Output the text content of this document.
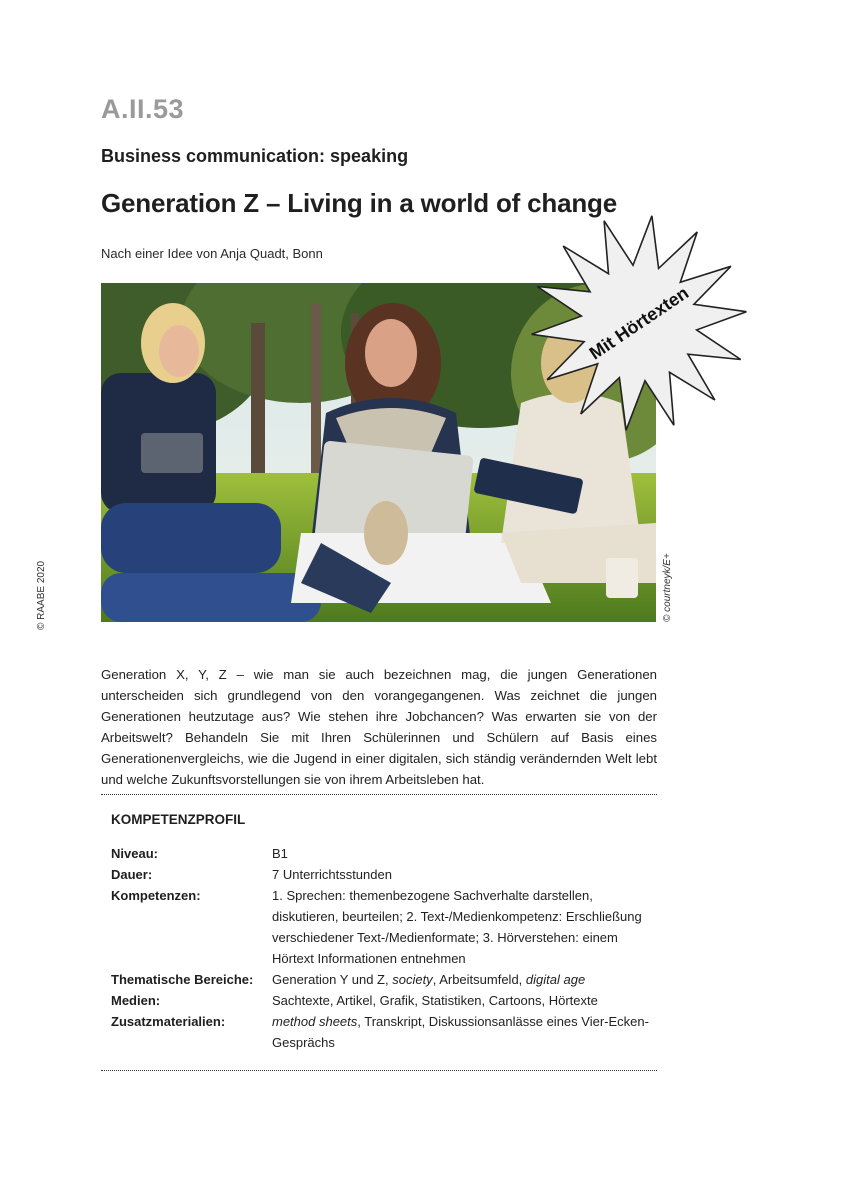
A.II.53
Business communication: speaking
Generation Z – Living in a world of change
Nach einer Idee von Anja Quadt, Bonn
© courtneyk/E+
© RAABE 2020
Mit Hörtexten
Generation X, Y, Z – wie man sie auch bezeichnen mag, die jungen Generationen unterscheiden sich grundlegend von den vorangegangenen. Was zeichnet die jungen Generationen heutzutage aus? Wie stehen ihre Jobchancen? Was erwarten sie von der Arbeitswelt? Behandeln Sie mit Ihren Schülerinnen und Schülern auf Basis eines Generationenvergleichs, wie die Jugend in einer digitalen, sich ständig verändernden Welt lebt und welche Zukunftsvorstellungen sie von ihrem Arbeitsleben hat.
KOMPETENZPROFIL
Niveau:	B1
Dauer:	7 Unterrichtsstunden
Kompetenzen:	1. Sprechen: themenbezogene Sachverhalte darstellen, diskutieren, beurteilen; 2. Text-/Medienkompetenz: Erschließung verschiedener Text-/Medienformate; 3. Hörverstehen: einem Hörtext Informationen entnehmen
Thematische Bereiche:	Generation Y und Z, society, Arbeitsumfeld, digital age
Medien:	Sachtexte, Artikel, Grafik, Statistiken, Cartoons, Hörtexte
Zusatzmaterialien:	method sheets, Transkript, Diskussionsanlässe eines Vier-Ecken-Gesprächs
